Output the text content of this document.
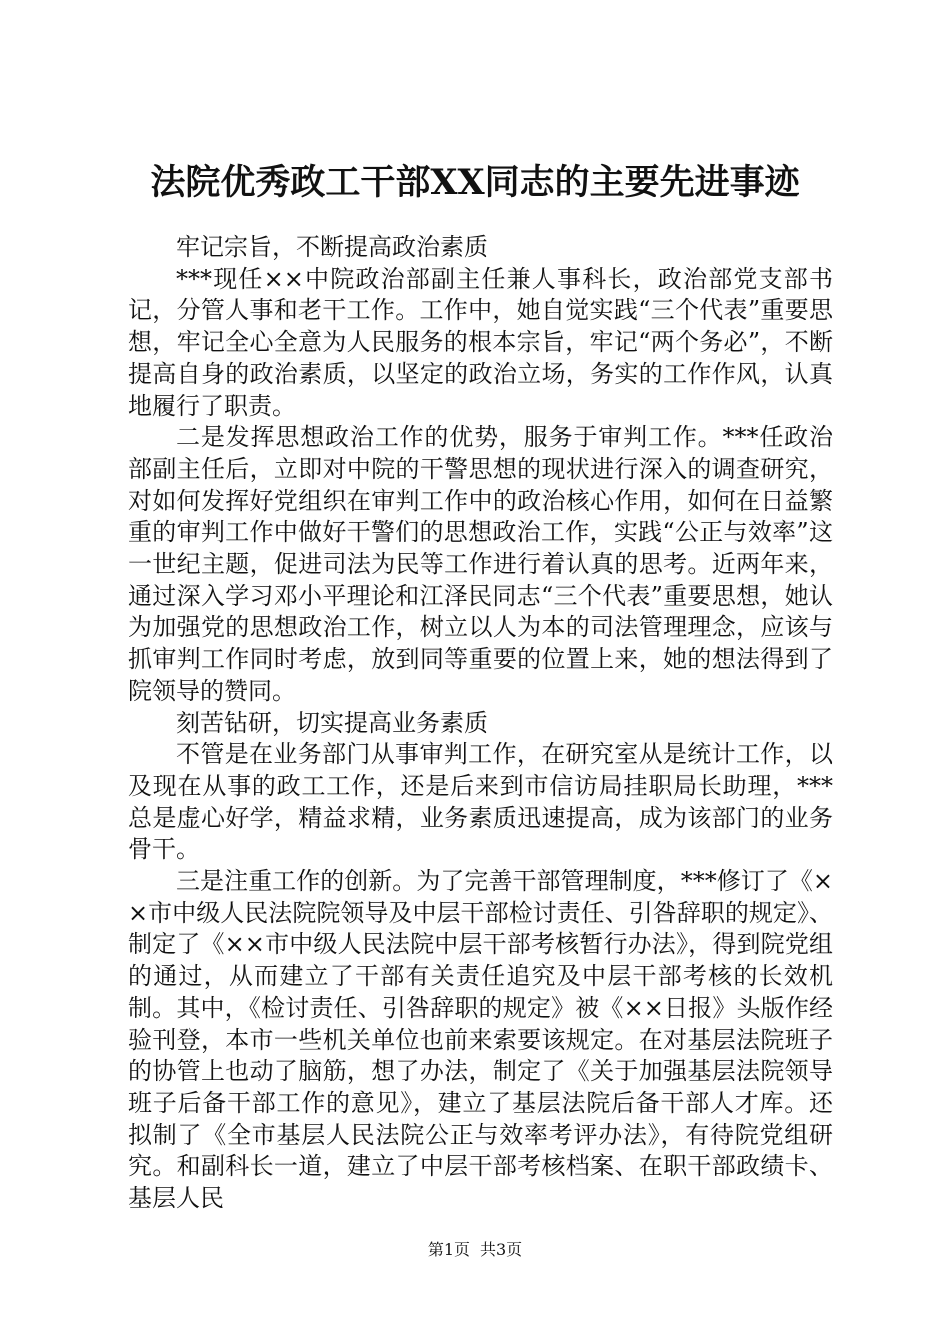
法院优秀政工干部XX同志的主要先进事迹

牢记宗旨，不断提高政治素质

***现任××中院政治部副主任兼人事科长，政治部党支部书记，分管人事和老干工作。工作中，她自觉实践“三个代表”重要思想，牢记全心全意为人民服务的根本宗旨，牢记“两个务必”，不断提高自身的政治素质，以坚定的政治立场，务实的工作作风，认真地履行了职责。

二是发挥思想政治工作的优势，服务于审判工作。***任政治部副主任后，立即对中院的干警思想的现状进行深入的调查研究，对如何发挥好党组织在审判工作中的政治核心作用，如何在日益繁重的审判工作中做好干警们的思想政治工作，实践“公正与效率”这一世纪主题，促进司法为民等工作进行着认真的思考。近两年来，通过深入学习邓小平理论和江泽民同志“三个代表”重要思想，她认为加强党的思想政治工作，树立以人为本的司法管理理念，应该与抓审判工作同时考虑，放到同等重要的位置上来，她的想法得到了院领导的赞同。

刻苦钻研，切实提高业务素质

不管是在业务部门从事审判工作，在研究室从是统计工作，以及现在从事的政工工作，还是后来到市信访局挂职局长助理，***总是虚心好学，精益求精，业务素质迅速提高，成为该部门的业务骨干。

三是注重工作的创新。为了完善干部管理制度，***修订了《××市中级人民法院院领导及中层干部检讨责任、引咎辞职的规定》、制定了《××市中级人民法院中层干部考核暂行办法》，得到院党组的通过，从而建立了干部有关责任追究及中层干部考核的长效机制。其中，《检讨责任、引咎辞职的规定》被《××日报》头版作经验刊登，本市一些机关单位也前来索要该规定。在对基层法院班子的协管上也动了脑筋，想了办法，制定了《关于加强基层法院领导班子后备干部工作的意见》，建立了基层法院后备干部人才库。还拟制了《全市基层人民法院公正与效率考评办法》，有待院党组研究。和副科长一道，建立了中层干部考核档案、在职干部政绩卡、基层人民

第1页 共3页
